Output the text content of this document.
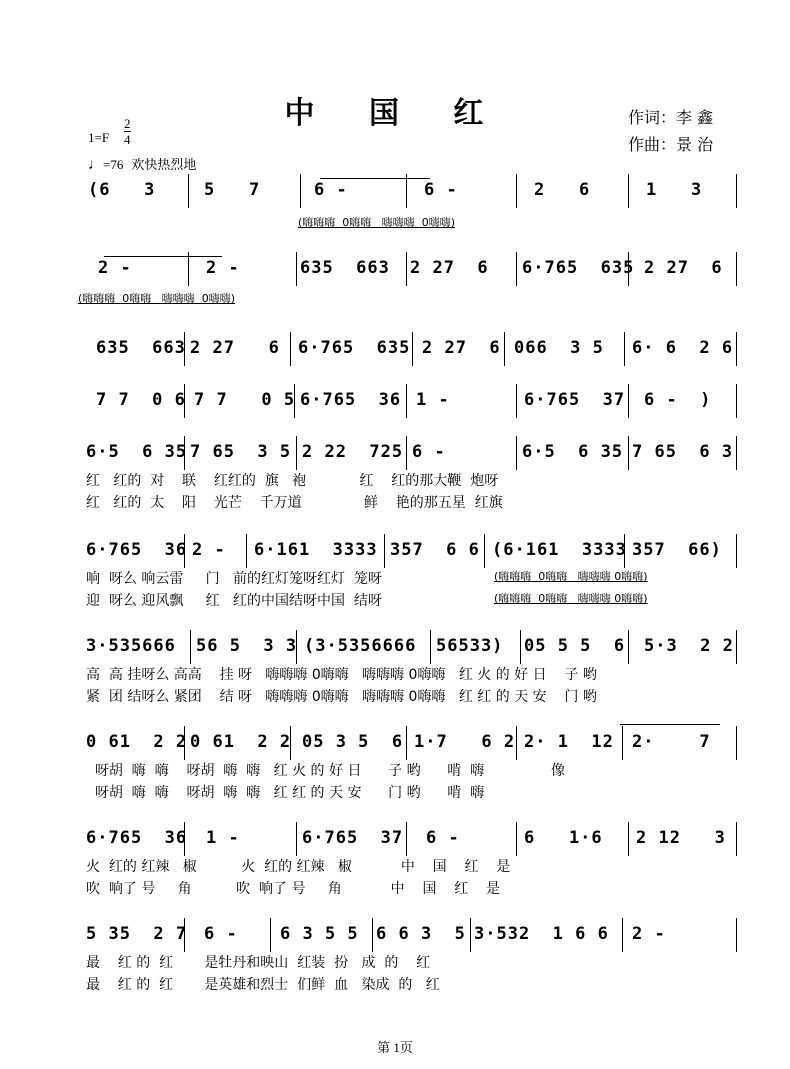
中 国 红	作词：李 鑫
作曲：景 治
$1=F \frac{2}{4}$
♩=76 欢快热烈地
(6   3	5   7	6 -	6 -	2   6	1   3
(嗨嗨嗨  0嗨嗨   嗨嗨嗨  0嗨嗨)
2 -	2 -	635  663 2 27  6 6·765  635 2 27  6
(嗨嗨嗨  0嗨嗨   嗨嗨嗨  0嗨嗨)
635  663 2 27   6 6·765  635 2 27  6 066  3 5 6· 6  2 6
7 7  0 6 7 7   0 5 6·765  36 1 -	6·765  37 6 -  )
6·5  6 35 7 65  3 5 2 22  725 6 -	6·5  6 35 7 65  6 3
红   红的  对    联    红红的  旗   袍            红    红的那大鞭  炮呀
红   红的  太    阳    光芒    千万道              鲜    艳的那五星  红旗
6·765  36 2 - 6·161  3333 357  6 6 (6·161  3333 357  66)
响  呀么 响云雷     门   前的红灯笼呀红灯  笼呀
迎  呀么 迎风飘     红   红的中国结呀中国  结呀
(嗨嗨嗨  0嗨嗨   嗨嗨嗨 0嗨嗨)
(嗨嗨嗨  0嗨嗨   嗨嗨嗨 0嗨嗨)
3·535666 56 5  3 3 (3·5356666 56533) 05 5 5  6 5·3  2 2
高  高 挂呀么 高高    挂 呀   嗨嗨嗨 0嗨嗨   嗨嗨嗨 0嗨嗨   红 火 的 好 日    子 哟
紧  团 结呀么 紧团    结 呀   嗨嗨嗨 0嗨嗨   嗨嗨嗨 0嗨嗨   红 红 的 天 安    门 哟
0 61  2 2 0 61  2 2 05 3 5  6 1·7   6 2 2· 1  12 2·    7
呀胡  嗨  嗨    呀胡  嗨  嗨   红 火 的 好 日      子 哟      啃  嗨               像
呀胡  嗨  嗨    呀胡  嗨  嗨   红 红 的 天 安      门 哟      啃  嗨
6·765  36 1 -	6·765  37 6 -	6   1·6 2 12   3
火  红的 红辣   椒          火  红的 红辣   椒           中    国    红    是
吹  响了 号     角          吹  响了 号     角           中    国    红    是
5 35  2 7 6 - 6 3 5 5 6 6 3  5 3·532  1 6 6 2 -
最    红 的  红       是牡丹和映山  红装  扮   成  的    红
最    红 的  红       是英雄和烈士  们鲜  血   染成  的   红
第 1页
